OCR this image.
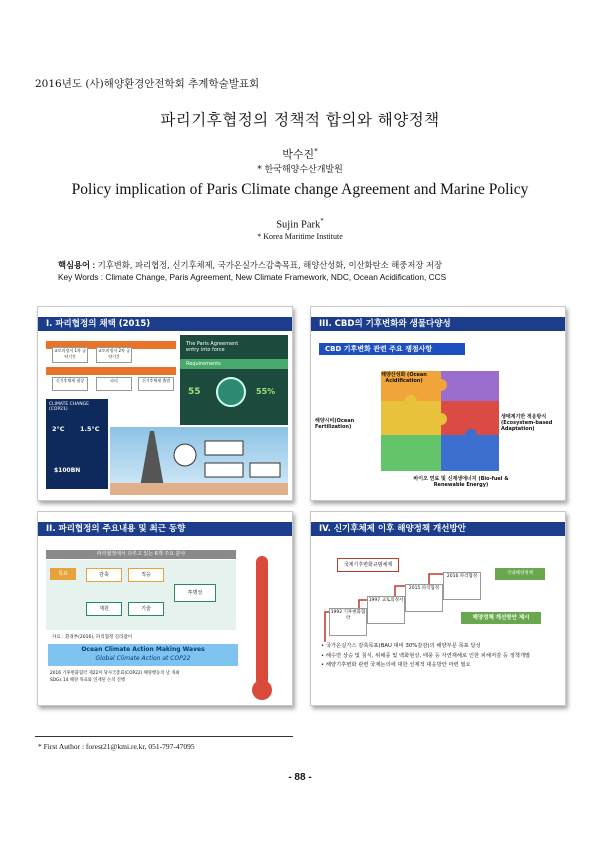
2016년도 (사)해양환경안전학회 추계학술발표회
파리기후협정의 정책적 합의와 해양정책
박수진*
* 한국해양수산개발원
Policy implication of Paris Climate change Agreement and Marine Policy
Sujin Park*
* Korea Maritime Institute
핵심용어 : 기후변화, 파리협정, 신기후체제, 국가온실가스감축목표, 해양산성화, 이산화탄소 해중저장 저장
Key Words : Climate Change, Paris Agreement, New Climate Framework, NDC, Ocean Acidification, CCS
I. 파리협정의 채택 (2015)
교토의정서 1차 공약기간
교토의정서 2차 공약기간
신기후체제 협상	파리	신기후체제 출범
The Paris Agreement entry into force
Requirements
55	55%
CLIMATE CHANGE (COP21)
2°C 1.5°C
$100BN
III. CBD의 기후변화와 생물다양성
CBD 기후변화 관련 주요 쟁점사항
해양산성화 (Ocean Acidification)
해양시비(Ocean Fertilization)
생태계기반 적응방식 (Ecosystem-based Adaptation)
바이오 연료 및 신재생에너지 (Bio-fuel & Renewable Energy)
II. 파리협정의 주요내용 및 최근 동향
파리협정에서 다루고 있는 6개 주요 분야
목표	감축	적응
투명성
재원	기술
자료 : 환경부(2016), 파리협정 길라잡이
Ocean Climate Action Making Waves
Global Climate Action at COP22
2016 기후변화협약 제22차 당사국총회(COP22) 해양행동의 날 개최
SDGs 14 해양 목표와 연계된 논의 진행
IV. 신기후체제 이후 해양정책 개선방안
국제기후변화규범체제
1992 기후변화협약
1997 교토의정서
2015 파리협정
2016 파리협정
국내해양정책
해양정책 개선방안 제시
• 국가온실가스 감축목표(BAU 대비 30%감감)의 해양부문 목표 달성
• 해수면 상승 및 침식, 위해종 및 백화현상, 태풍 등 자연재해로 인한 피해저감 등 정책개발
• 해양기후변화 관련 국제논의에 대한 선제적 대응방안 마련 필요
* First Author : forest21@kmi.re.kr, 051-797-47095
- 88 -
